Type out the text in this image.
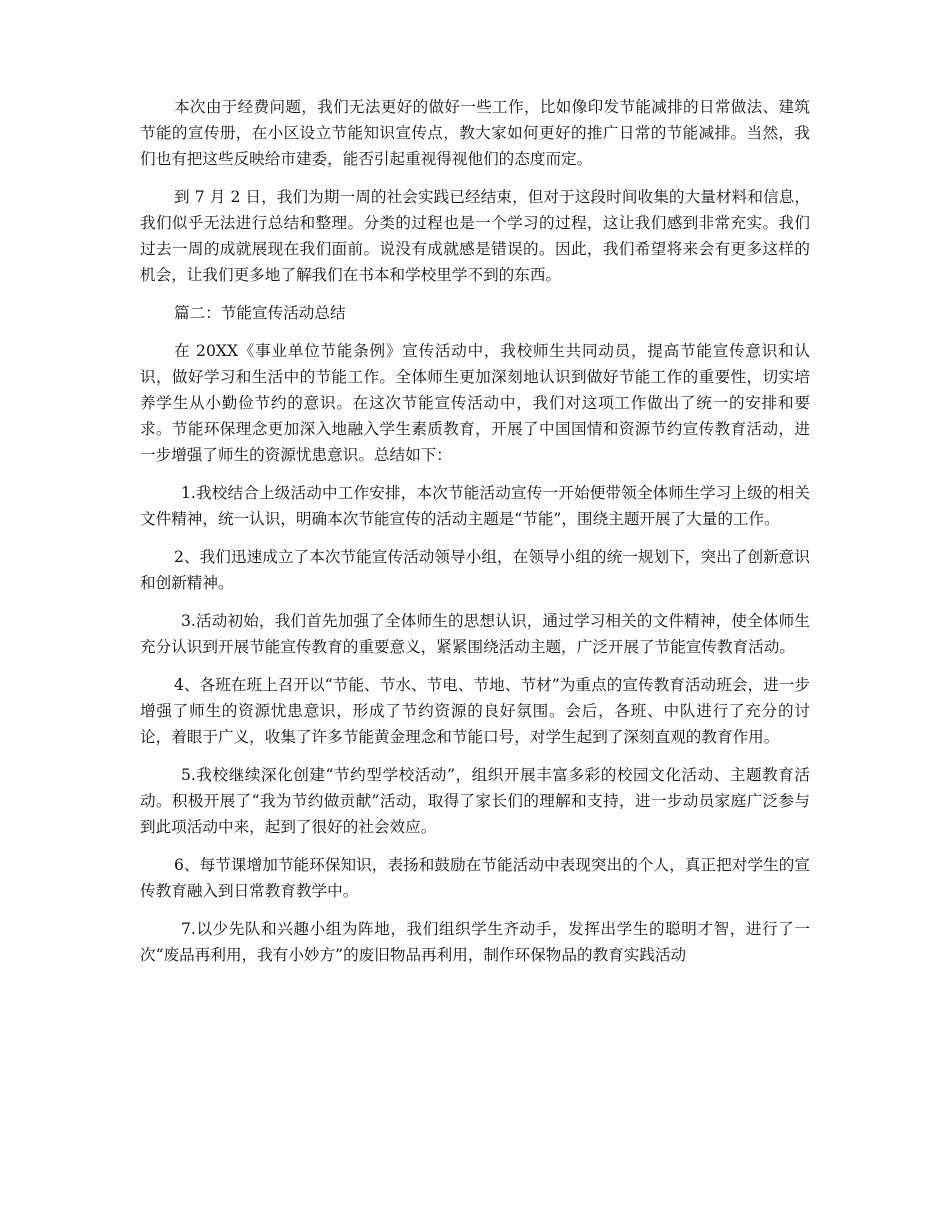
本次由于经费问题，我们无法更好的做好一些工作，比如像印发节能减排的日常做法、建筑节能的宣传册，在小区设立节能知识宣传点，教大家如何更好的推广日常的节能减排。当然，我们也有把这些反映给市建委，能否引起重视得视他们的态度而定。

到 7 月 2 日，我们为期一周的社会实践已经结束，但对于这段时间收集的大量材料和信息，我们似乎无法进行总结和整理。分类的过程也是一个学习的过程，这让我们感到非常充实。我们过去一周的成就展现在我们面前。说没有成就感是错误的。因此，我们希望将来会有更多这样的机会，让我们更多地了解我们在书本和学校里学不到的东西。

篇二：节能宣传活动总结

在 20XX《事业单位节能条例》宣传活动中，我校师生共同动员，提高节能宣传意识和认识，做好学习和生活中的节能工作。全体师生更加深刻地认识到做好节能工作的重要性，切实培养学生从小勤俭节约的意识。在这次节能宣传活动中，我们对这项工作做出了统一的安排和要求。节能环保理念更加深入地融入学生素质教育，开展了中国国情和资源节约宣传教育活动，进一步增强了师生的资源忧患意识。总结如下：

1.我校结合上级活动中工作安排，本次节能活动宣传一开始便带领全体师生学习上级的相关文件精神，统一认识，明确本次节能宣传的活动主题是“节能”，围绕主题开展了大量的工作。

2、我们迅速成立了本次节能宣传活动领导小组，在领导小组的统一规划下，突出了创新意识和创新精神。

3.活动初始，我们首先加强了全体师生的思想认识，通过学习相关的文件精神，使全体师生充分认识到开展节能宣传教育的重要意义，紧紧围绕活动主题，广泛开展了节能宣传教育活动。

4、各班在班上召开以“节能、节水、节电、节地、节材”为重点的宣传教育活动班会，进一步增强了师生的资源忧患意识，形成了节约资源的良好氛围。会后，各班、中队进行了充分的讨论，着眼于广义，收集了许多节能黄金理念和节能口号，对学生起到了深刻直观的教育作用。

5.我校继续深化创建“节约型学校活动”，组织开展丰富多彩的校园文化活动、主题教育活动。积极开展了“我为节约做贡献”活动，取得了家长们的理解和支持，进一步动员家庭广泛参与到此项活动中来，起到了很好的社会效应。

6、每节课增加节能环保知识，表扬和鼓励在节能活动中表现突出的个人，真正把对学生的宣传教育融入到日常教育教学中。

7.以少先队和兴趣小组为阵地，我们组织学生齐动手，发挥出学生的聪明才智，进行了一次“废品再利用，我有小妙方”的废旧物品再利用，制作环保物品的教育实践活动
